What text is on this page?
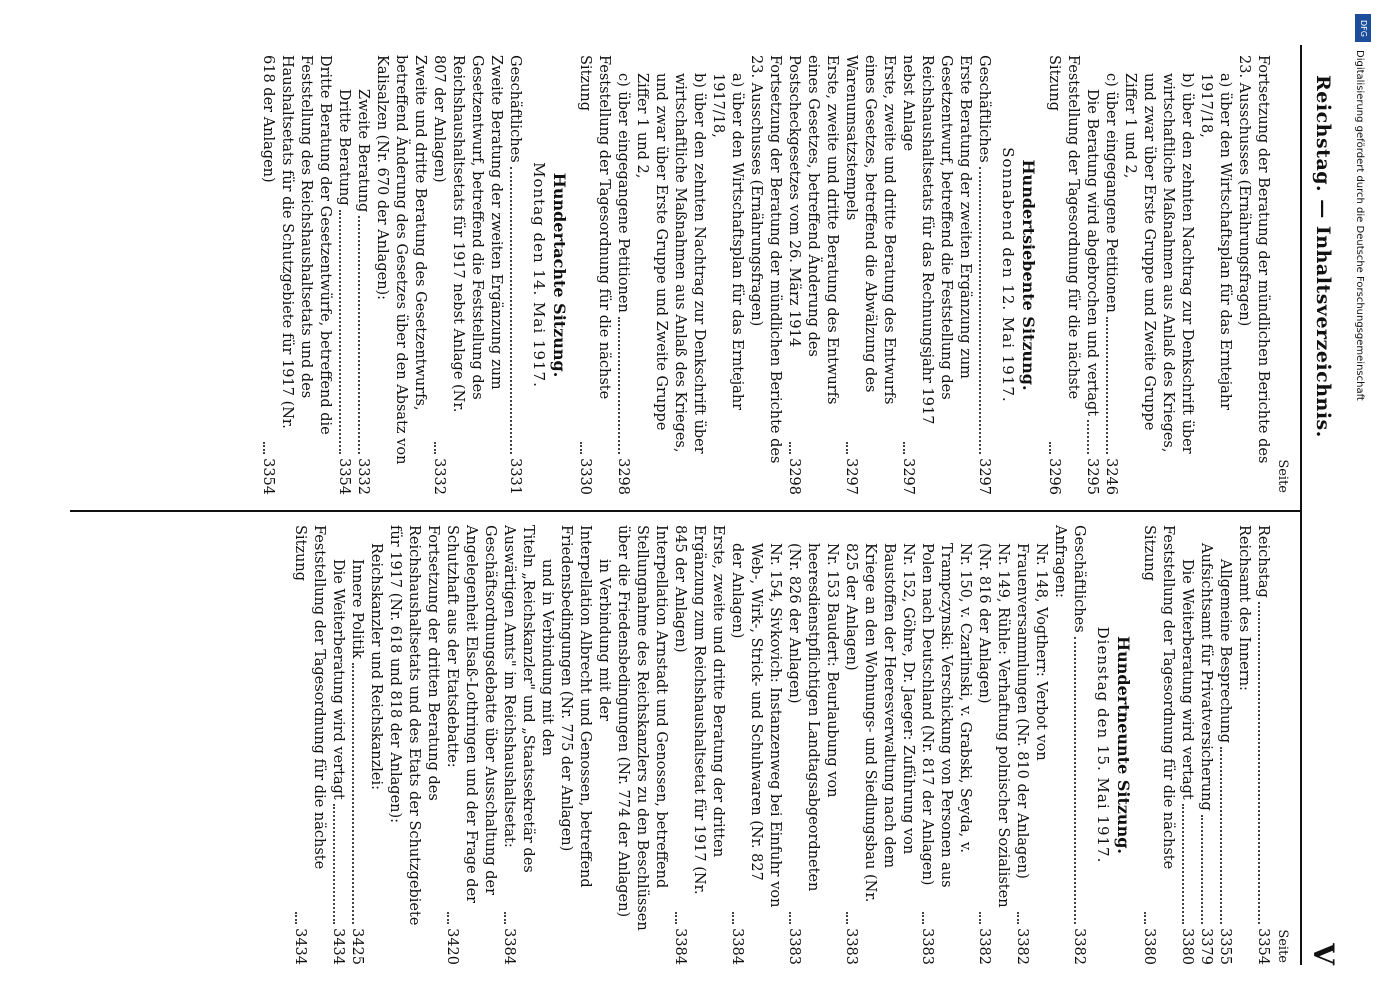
Reichstag. — Inhaltsverzeichnis.
V
Seite
Fortsetzung der Beratung der mündlichen Berichte des 23. Ausschusses (Ernährungsfragen)
a) über den Wirtschaftsplan für das Erntejahr 1917/18,
b) über den zehnten Nachtrag zur Denkschrift über wirtschaftliche Maßnahmen aus Anlaß des Krieges, und zwar über Erste Gruppe und Zweite Gruppe Ziffer 1 und 2,
c) über eingegangene Petitionen
3246
Die Beratung wird abgebrochen und vertagt
3295
Feststellung der Tagesordnung für die nächste Sitzung
3296
Hundertsiebente Sitzung.
Sonnabend den 12. Mai 1917.
Geschäftliches
3297
Erste Beratung der zweiten Ergänzung zum Gesetzentwurf, betreffend die Feststellung des Reichshaushaltsetats für das Rechnungsjahr 1917 nebst Anlage
3297
Erste, zweite und dritte Beratung des Entwurfs eines Gesetzes, betreffend die Abwälzung des Warenumsatzstempels
3297
Erste, zweite und dritte Beratung des Entwurfs eines Gesetzes, betreffend Änderung des Postscheckgesetzes vom 26. März 1914
3298
Fortsetzung der Beratung der mündlichen Berichte des 23. Ausschusses (Ernährungsfragen)
a) über den Wirtschaftsplan für das Erntejahr 1917/18,
b) über den zehnten Nachtrag zur Denkschrift über wirtschaftliche Maßnahmen aus Anlaß des Krieges, und zwar über Erste Gruppe und Zweite Gruppe Ziffer 1 und 2,
c) über eingegangene Petitionen
3298
Feststellung der Tagesordnung für die nächste Sitzung
3330
Hundertachte Sitzung.
Montag den 14. Mai 1917.
Geschäftliches
3331
Zweite Beratung der zweiten Ergänzung zum Gesetzentwurf, betreffend die Feststellung des Reichshaushaltsetats für 1917 nebst Anlage (Nr. 807 der Anlagen)
3332
Zweite und dritte Beratung des Gesetzentwurfs, betreffend Änderung des Gesetzes über den Absatz von Kalisalzen (Nr. 670 der Anlagen):
Zweite Beratung
3332
Dritte Beratung
3354
Dritte Beratung der Gesetzentwürfe, betreffend die Feststellung des Reichshaushaltsetats und des Haushaltsetats für die Schutzgebiete für 1917 (Nr. 618 der Anlagen)
3354
Seite
Reichstag
3354
Reichsamt des Innern:
Allgemeine Besprechung
3355
Aufsichtsamt für Privatversicherung
3379
Die Weiterberatung wird vertagt
3380
Feststellung der Tagesordnung für die nächste Sitzung
3380
Hundertneunte Sitzung.
Dienstag den 15. Mai 1917.
Geschäftliches
3382
Anfragen:
Nr. 148, Vogtherr: Verbot von Frauenversammlungen (Nr. 810 der Anlagen)
3382
Nr. 149, Rühle: Verhaftung polnischer Sozialisten (Nr. 816 der Anlagen)
3382
Nr. 150, v. Czarlinski, v. Grabski, Seyda, v. Trampczynski: Verschickung von Personen aus Polen nach Deutschland (Nr. 817 der Anlagen)
3383
Nr. 152, Göhre, Dr. Jaeger: Zuführung von Baustoffen der Heeresverwaltung nach dem Kriege an den Wohnungs- und Siedlungsbau (Nr. 825 der Anlagen)
3383
Nr. 153 Baudert: Beurlaubung von heeresdienstpflichtigen Landtagsabgeordneten (Nr. 826 der Anlagen)
3383
Nr. 154, Sivkovich: Instanzenweg bei Einfuhr von Web-, Wirk-, Strick- und Schuhwaren (Nr. 827 der Anlagen)
3384
Erste, zweite und dritte Beratung der dritten Ergänzung zum Reichshaushaltsetat für 1917 (Nr. 845 der Anlagen)
3384
Interpellation Arnstadt und Genossen, betreffend Stellungnahme des Reichskanzlers zu den Beschlüssen über die Friedensbedingungen (Nr. 774 der Anlagen)
in Verbindung mit der
Interpellation Albrecht und Genossen, betreffend Friedensbedingungen (Nr. 775 der Anlagen)
und in Verbindung mit den
Titeln „Reichskanzler" und „Staatssekretär des Auswärtigen Amts" im Reichshaushaltsetat:
3384
Geschäftsordnungsdebatte über Ausschaltung der Angelegenheit Elsaß-Lothringen und der Frage der Schutzhaft aus der Etatsdebatte:
3420
Fortsetzung der dritten Beratung des Reichshaushaltsetats und des Etats der Schutzgebiete für 1917 (Nr. 618 und 818 der Anlagen):
Reichskanzler und Reichskanzlei:
Innere Politik
3425
Die Weiterberatung wird vertagt
3434
Feststellung der Tagesordnung für die nächste Sitzung
3434
DFG
Digitalisierung gefördert durch die Deutsche Forschungsgemeinschaft
